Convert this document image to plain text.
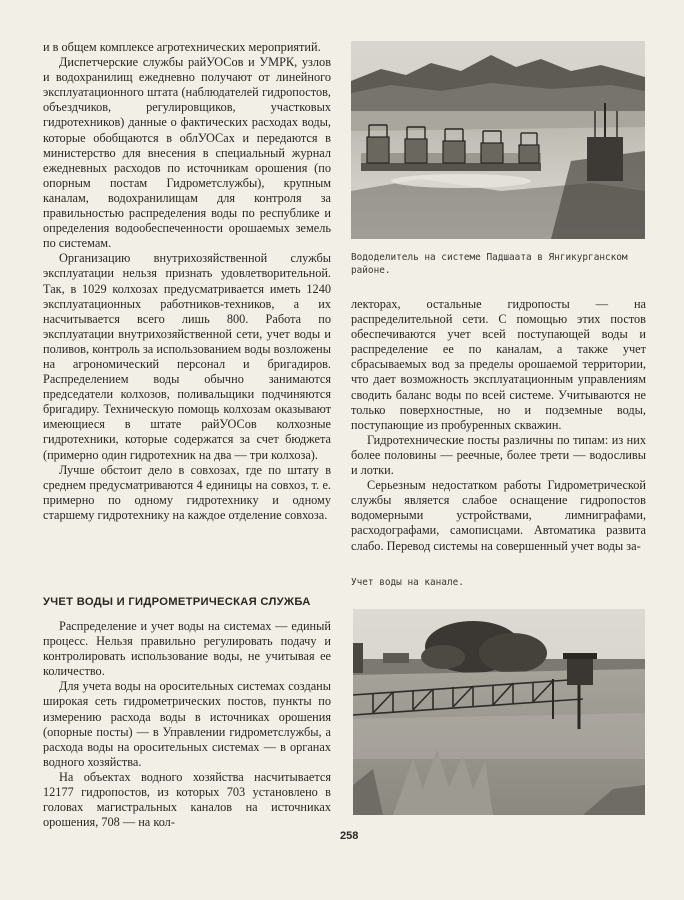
Вододелитель на системе Падшаата в Янгикурганском районе.

и в общем комплексе агротехнических мероприятий.

Диспетчерские службы райУОСов и УМРК, узлов и водохранилищ ежедневно получают от линейного эксплуатационного штата (наблюдателей гидропостов, объездчиков, регулировщиков, участковых гидротехников) данные о фактических расходах воды, которые обобщаются в облУОСах и передаются в министерство для внесения в специальный журнал ежедневных расходов по источникам орошения (по опорным постам Гидрометслужбы), крупным каналам, водохранилищам для контроля за правильностью распределения воды по республике и определения водообеспеченности орошаемых земель по системам.

Организацию внутрихозяйственной службы эксплуатации нельзя признать удовлетворительной. Так, в 1029 колхозах предусматривается иметь 1240 эксплуатационных работников-техников, а их насчитывается всего лишь 800. Работа по эксплуатации внутрихозяйственной сети, учет воды и поливов, контроль за использованием воды возложены на агрономический персонал и бригадиров. Распределением воды обычно занимаются председатели колхозов, поливальщики подчиняются бригадиру. Техническую помощь колхозам оказывают имеющиеся в штате райУОСов колхозные гидротехники, которые содержатся за счет бюджета (примерно один гидротехник на два — три колхоза).

Лучше обстоит дело в совхозах, где по штату в среднем предусматриваются 4 единицы на совхоз, т. е. примерно по одному гидротехнику и одному старшему гидротехнику на каждое отделение совхоза.

УЧЕТ ВОДЫ И ГИДРОМЕТРИЧЕСКАЯ СЛУЖБА

Распределение и учет воды на системах — единый процесс. Нельзя правильно регулировать подачу и контролировать использование воды, не учитывая ее количество.

Для учета воды на оросительных системах созданы широкая сеть гидрометрических постов, пункты по измерению расхода воды в источниках орошения (опорные посты) — в Управлении гидрометслужбы, а расхода воды на оросительных системах — в органах водного хозяйства.

На объектах водного хозяйства насчитывается 12177 гидропостов, из которых 703 установлено в головах магистральных каналов на источниках орошения, 708 — на кол-

лекторах, остальные гидропосты — на распределительной сети. С помощью этих постов обеспечиваются учет всей поступающей воды и распределение ее по каналам, а также учет сбрасываемых вод за пределы орошаемой территории, что дает возможность эксплуатационным управлениям сводить баланс воды по всей системе. Учитываются не только поверхностные, но и подземные воды, поступающие из пробуренных скважин.

Гидротехнические посты различны по типам: из них более половины — реечные, более трети — водосливы и лотки.

Серьезным недостатком работы Гидрометрической службы является слабое оснащение гидропостов водомерными устройствами, лимниграфами, расходографами, самописцами. Автоматика развита слабо. Перевод системы на совершенный учет воды за-

Учет воды на канале.
258
